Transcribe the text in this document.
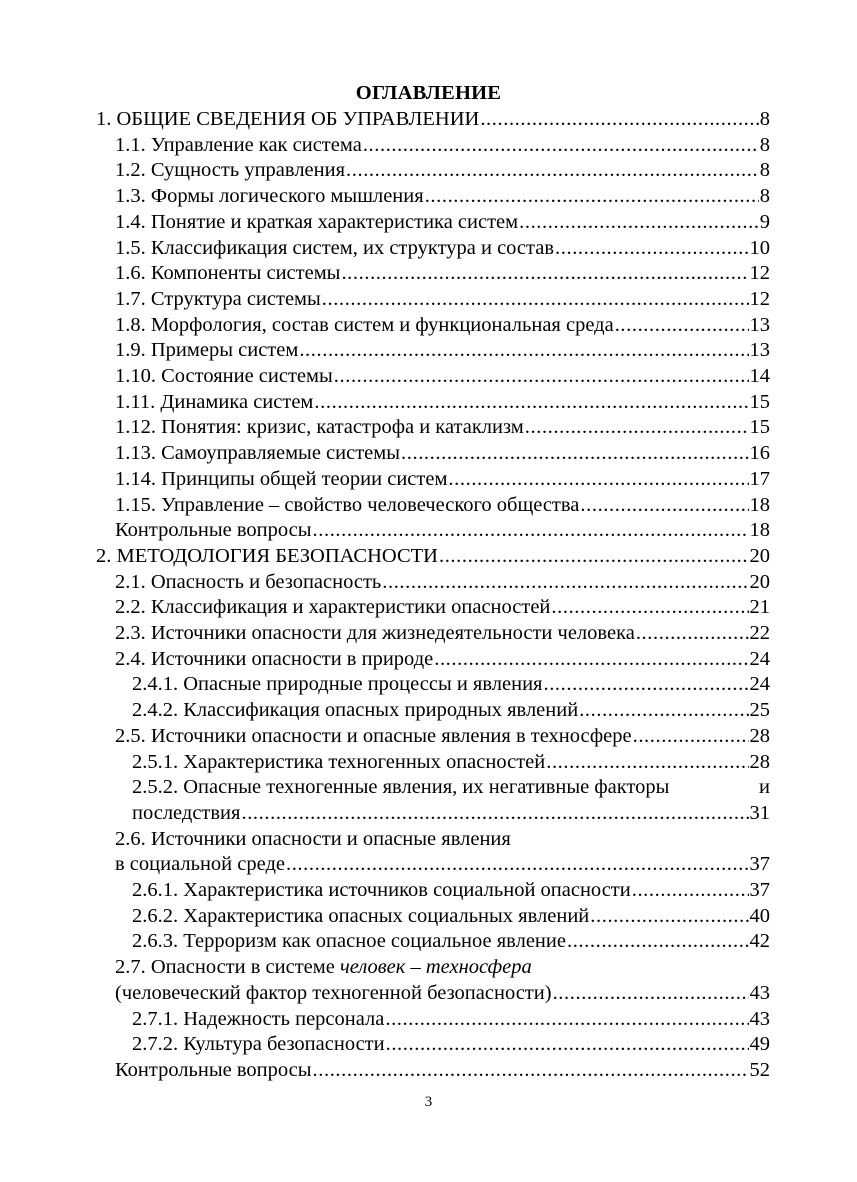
ОГЛАВЛЕНИЕ
1. ОБЩИЕ СВЕДЕНИЯ ОБ УПРАВЛЕНИИ .....	8
1.1. Управление как система .....	8
1.2. Сущность управления .....	8
1.3. Формы логического мышления .....	8
1.4. Понятие и краткая характеристика систем .....	9
1.5. Классификация систем, их структура и состав .....	10
1.6. Компоненты системы .....	12
1.7. Структура системы .....	12
1.8. Морфология, состав систем и функциональная среда .....	13
1.9. Примеры систем .....	13
1.10. Состояние системы .....	14
1.11. Динамика систем .....	15
1.12. Понятия: кризис, катастрофа и катаклизм .....	15
1.13. Самоуправляемые системы .....	16
1.14. Принципы общей теории систем .....	17
1.15. Управление – свойство человеческого общества .....	18
Контрольные вопросы .....	18
2. МЕТОДОЛОГИЯ БЕЗОПАСНОСТИ .....	20
2.1. Опасность и безопасность .....	20
2.2. Классификация и характеристики опасностей .....	21
2.3. Источники опасности для жизнедеятельности человека .....	22
2.4. Источники опасности в природе .....	24
2.4.1. Опасные природные процессы и явления .....	24
2.4.2. Классификация опасных природных явлений .....	25
2.5. Источники опасности и опасные явления в техносфере .....	28
2.5.1. Характеристика техногенных опасностей .....	28
2.5.2. Опасные техногенные явления, их негативные факторы	и
последствия .....	31
2.6. Источники опасности и опасные явления
в социальной среде .....	37
2.6.1. Характеристика источников социальной опасности .....	37
2.6.2. Характеристика опасных социальных явлений .....	40
2.6.3. Терроризм как опасное социальное явление .....	42
2.7. Опасности в системе человек – техносфера
(человеческий фактор техногенной безопасности) .....	43
2.7.1. Надежность персонала .....	43
2.7.2. Культура безопасности .....	49
Контрольные вопросы .....	52
3
